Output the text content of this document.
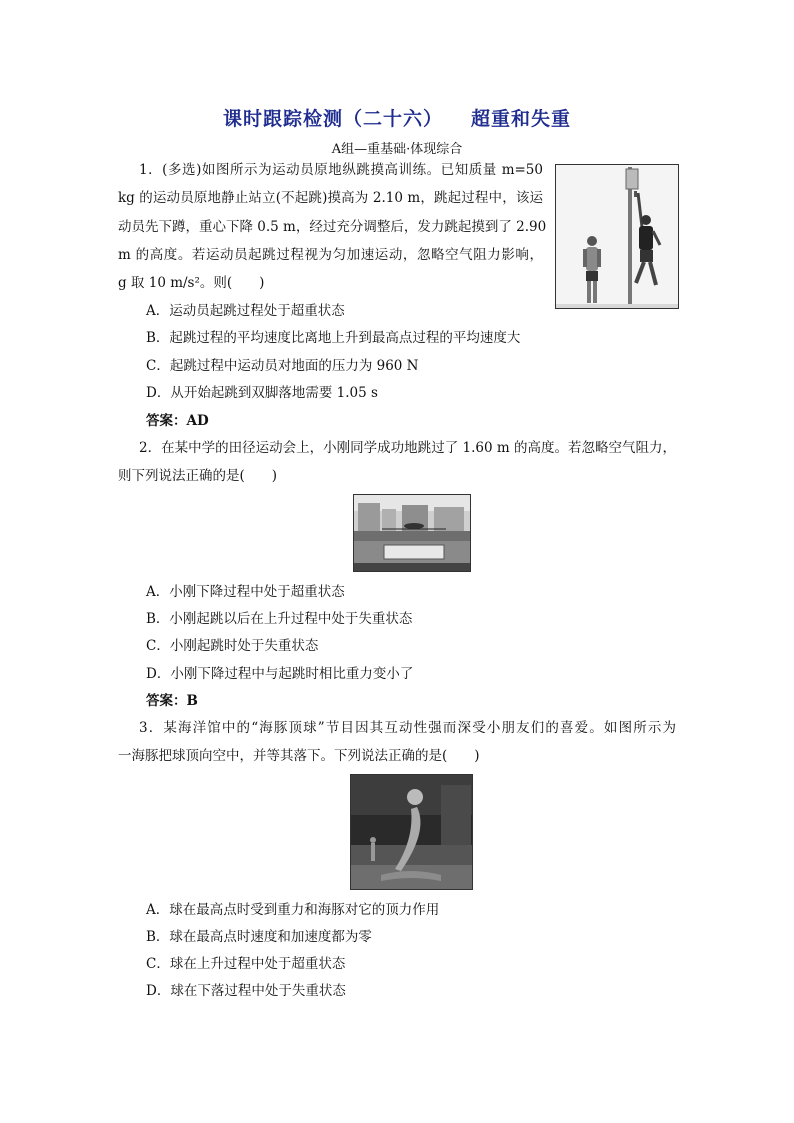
课时跟踪检测（二十六） 超重和失重
A组—重基础·体现综合
1．(多选)如图所示为运动员原地纵跳摸高训练。已知质量 m=50
kg 的运动员原地静止站立(不起跳)摸高为 2.10 m，跳起过程中，该运
动员先下蹲，重心下降 0.5 m，经过充分调整后，发力跳起摸到了 2.90
m 的高度。若运动员起跳过程视为匀加速运动，忽略空气阻力影响，
g 取 10 m/s²。则(　　)
A．运动员起跳过程处于超重状态
B．起跳过程的平均速度比离地上升到最高点过程的平均速度大
C．起跳过程中运动员对地面的压力为 960 N
D．从开始起跳到双脚落地需要 1.05 s
答案：AD
2．在某中学的田径运动会上，小刚同学成功地跳过了 1.60 m 的高度。若忽略空气阻力，
则下列说法正确的是(　　)
A．小刚下降过程中处于超重状态
B．小刚起跳以后在上升过程中处于失重状态
C．小刚起跳时处于失重状态
D．小刚下降过程中与起跳时相比重力变小了
答案：B
3．某海洋馆中的“海豚顶球”节目因其互动性强而深受小朋友们的喜爱。如图所示为
一海豚把球顶向空中，并等其落下。下列说法正确的是(　　)
A．球在最高点时受到重力和海豚对它的顶力作用
B．球在最高点时速度和加速度都为零
C．球在上升过程中处于超重状态
D．球在下落过程中处于失重状态
